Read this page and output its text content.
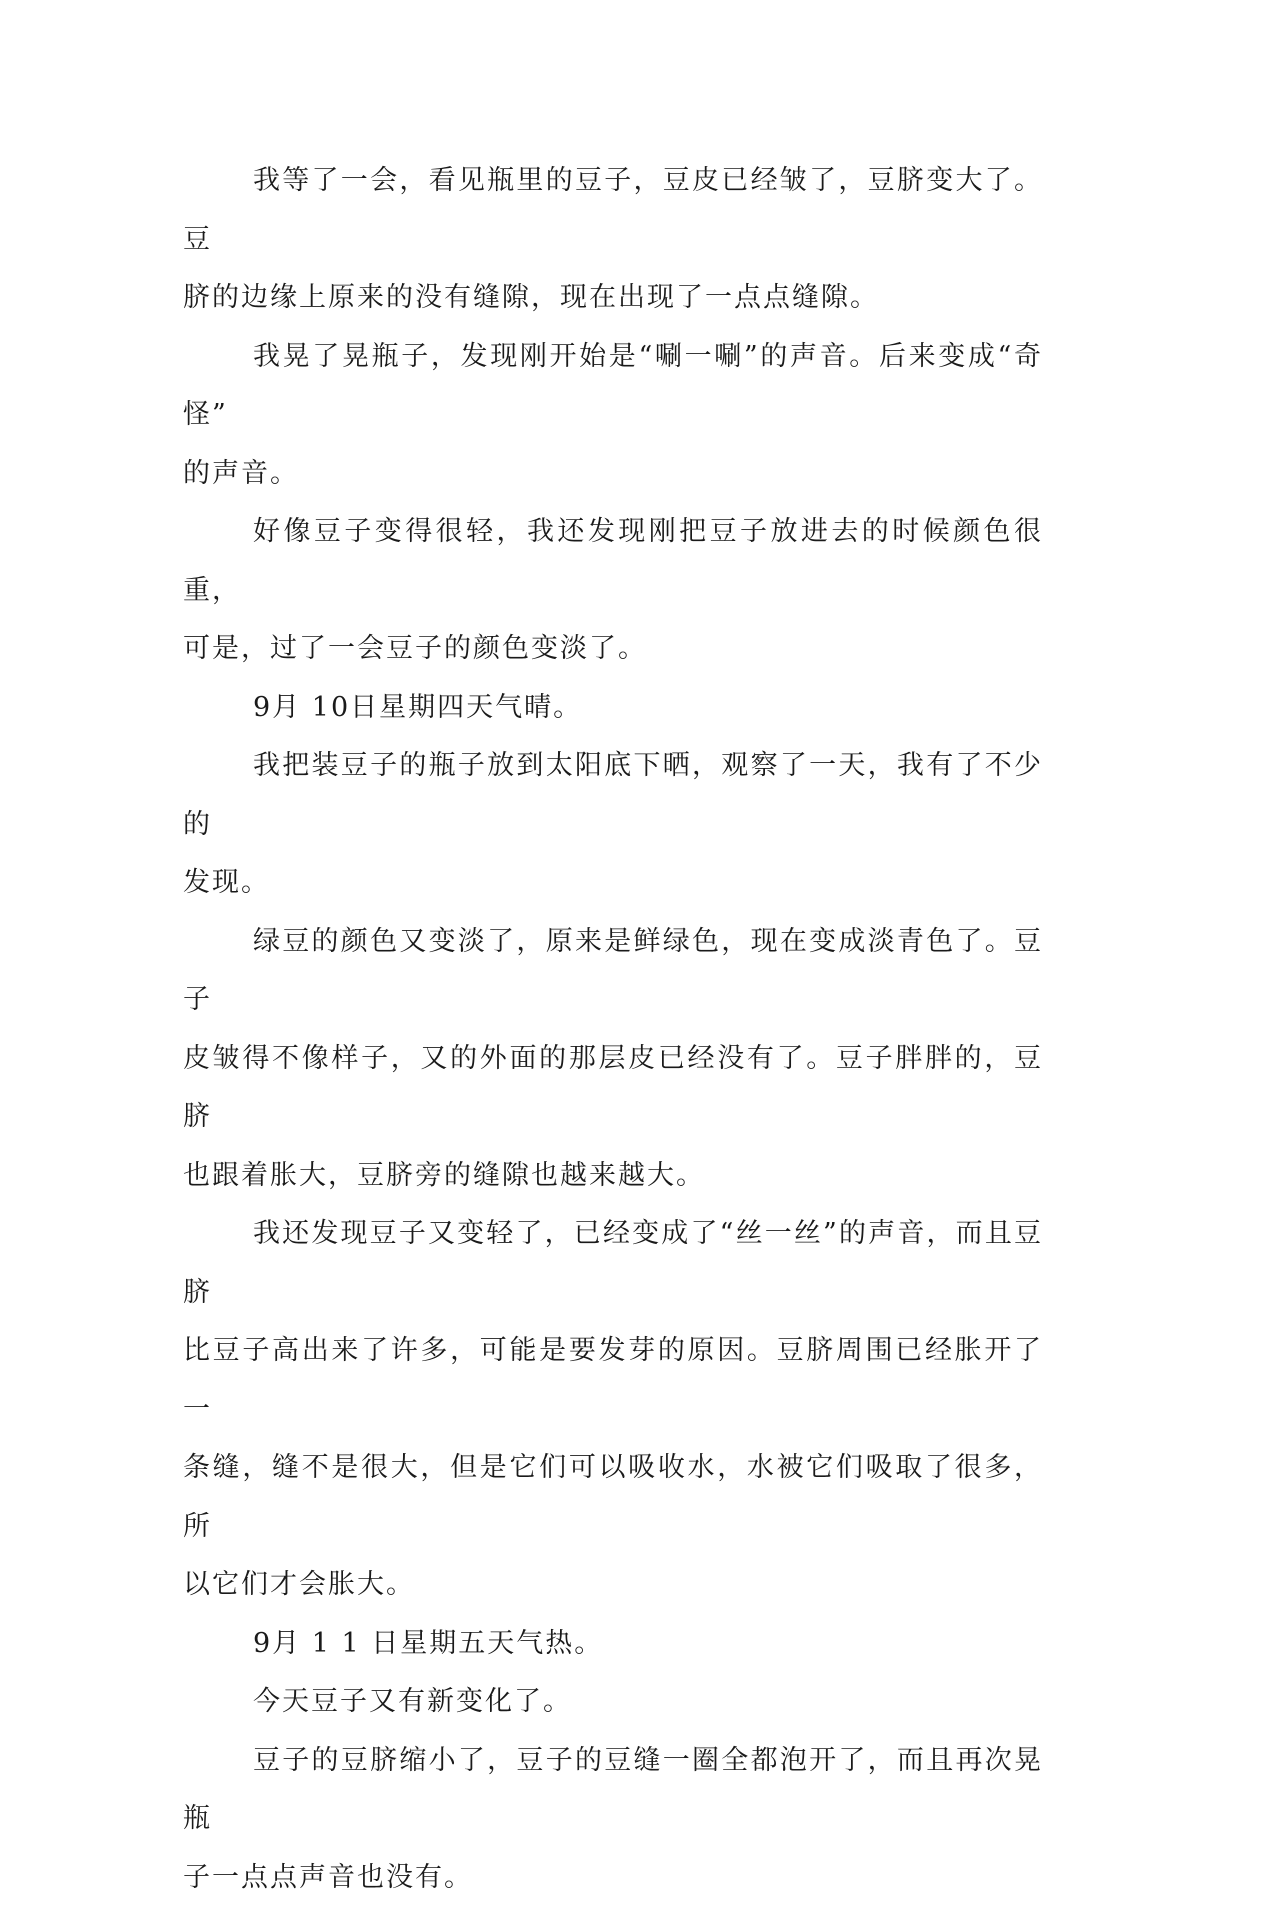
我等了一会，看见瓶里的豆子，豆皮已经皱了，豆脐变大了。豆
脐的边缘上原来的没有缝隙，现在出现了一点点缝隙。

我晃了晃瓶子，发现刚开始是“唰一唰”的声音。后来变成“奇怪”
的声音。

好像豆子变得很轻，我还发现刚把豆子放进去的时候颜色很重，
可是，过了一会豆子的颜色变淡了。

9月 10日星期四天气晴。

我把装豆子的瓶子放到太阳底下晒，观察了一天，我有了不少的
发现。

绿豆的颜色又变淡了，原来是鲜绿色，现在变成淡青色了。豆子
皮皱得不像样子，又的外面的那层皮已经没有了。豆子胖胖的，豆脐
也跟着胀大，豆脐旁的缝隙也越来越大。

我还发现豆子又变轻了，已经变成了“丝一丝”的声音，而且豆脐
比豆子高出来了许多，可能是要发芽的原因。豆脐周围已经胀开了一
条缝，缝不是很大，但是它们可以吸收水，水被它们吸取了很多，所
以它们才会胀大。

9月 1 1 日星期五天气热。

今天豆子又有新变化了。

豆子的豆脐缩小了，豆子的豆缝一圈全都泡开了，而且再次晃瓶
子一点点声音也没有。
